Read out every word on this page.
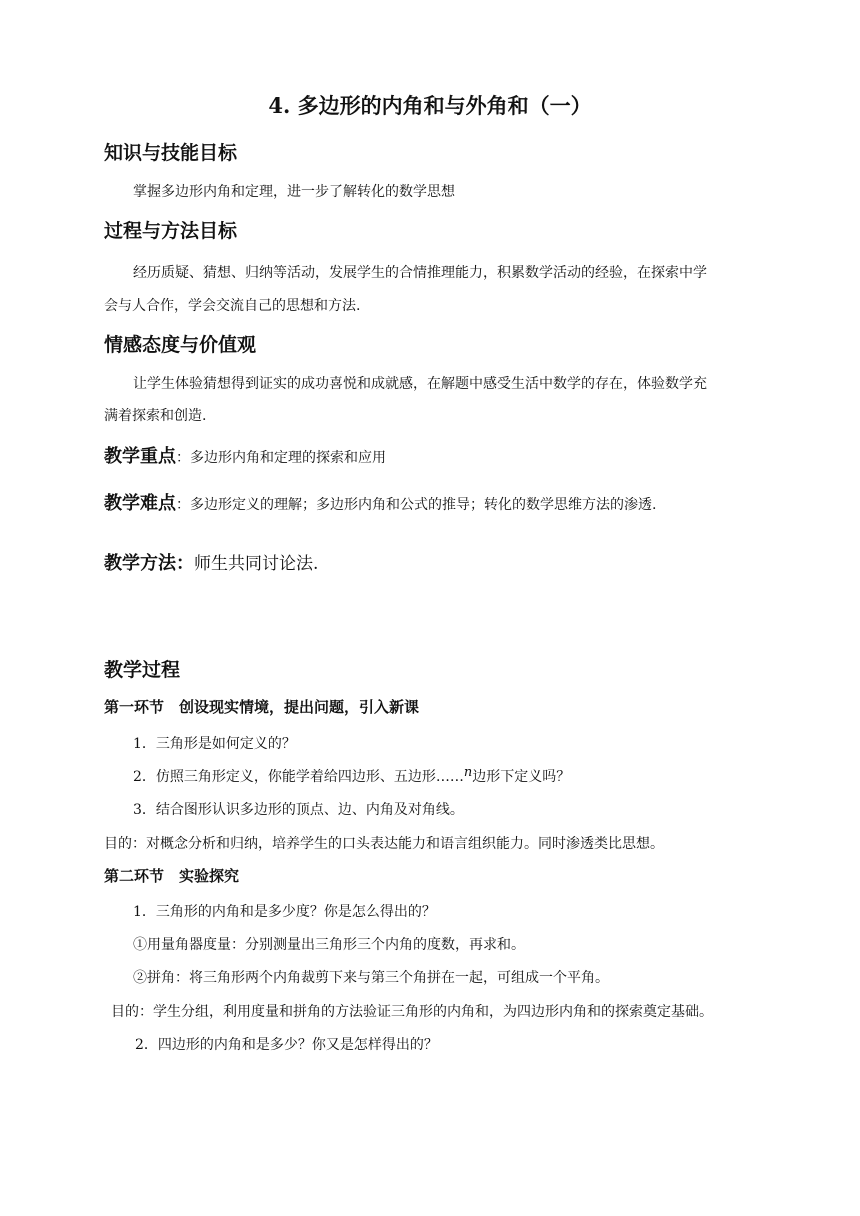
4. 多边形的内角和与外角和（一）
知识与技能目标
掌握多边形内角和定理，进一步了解转化的数学思想
过程与方法目标
经历质疑、猜想、归纳等活动，发展学生的合情推理能力，积累数学活动的经验，在探索中学
会与人合作，学会交流自己的思想和方法.
情感态度与价值观
让学生体验猜想得到证实的成功喜悦和成就感，在解题中感受生活中数学的存在，体验数学充
满着探索和创造.
教学重点：多边形内角和定理的探索和应用
教学难点：多边形定义的理解；多边形内角和公式的推导；转化的数学思维方法的渗透.
教学方法：师生共同讨论法.
教学过程
第一环节　创设现实情境，提出问题，引入新课
1．三角形是如何定义的？
2．仿照三角形定义，你能学着给四边形、五边形……n边形下定义吗？
3．结合图形认识多边形的顶点、边、内角及对角线。
目的：对概念分析和归纳，培养学生的口头表达能力和语言组织能力。同时渗透类比思想。
第二环节　实验探究
1．三角形的内角和是多少度？你是怎么得出的？
①用量角器度量：分别测量出三角形三个内角的度数，再求和。
②拼角：将三角形两个内角裁剪下来与第三个角拼在一起，可组成一个平角。
目的：学生分组，利用度量和拼角的方法验证三角形的内角和，为四边形内角和的探索奠定基础。
2．四边形的内角和是多少？你又是怎样得出的？
